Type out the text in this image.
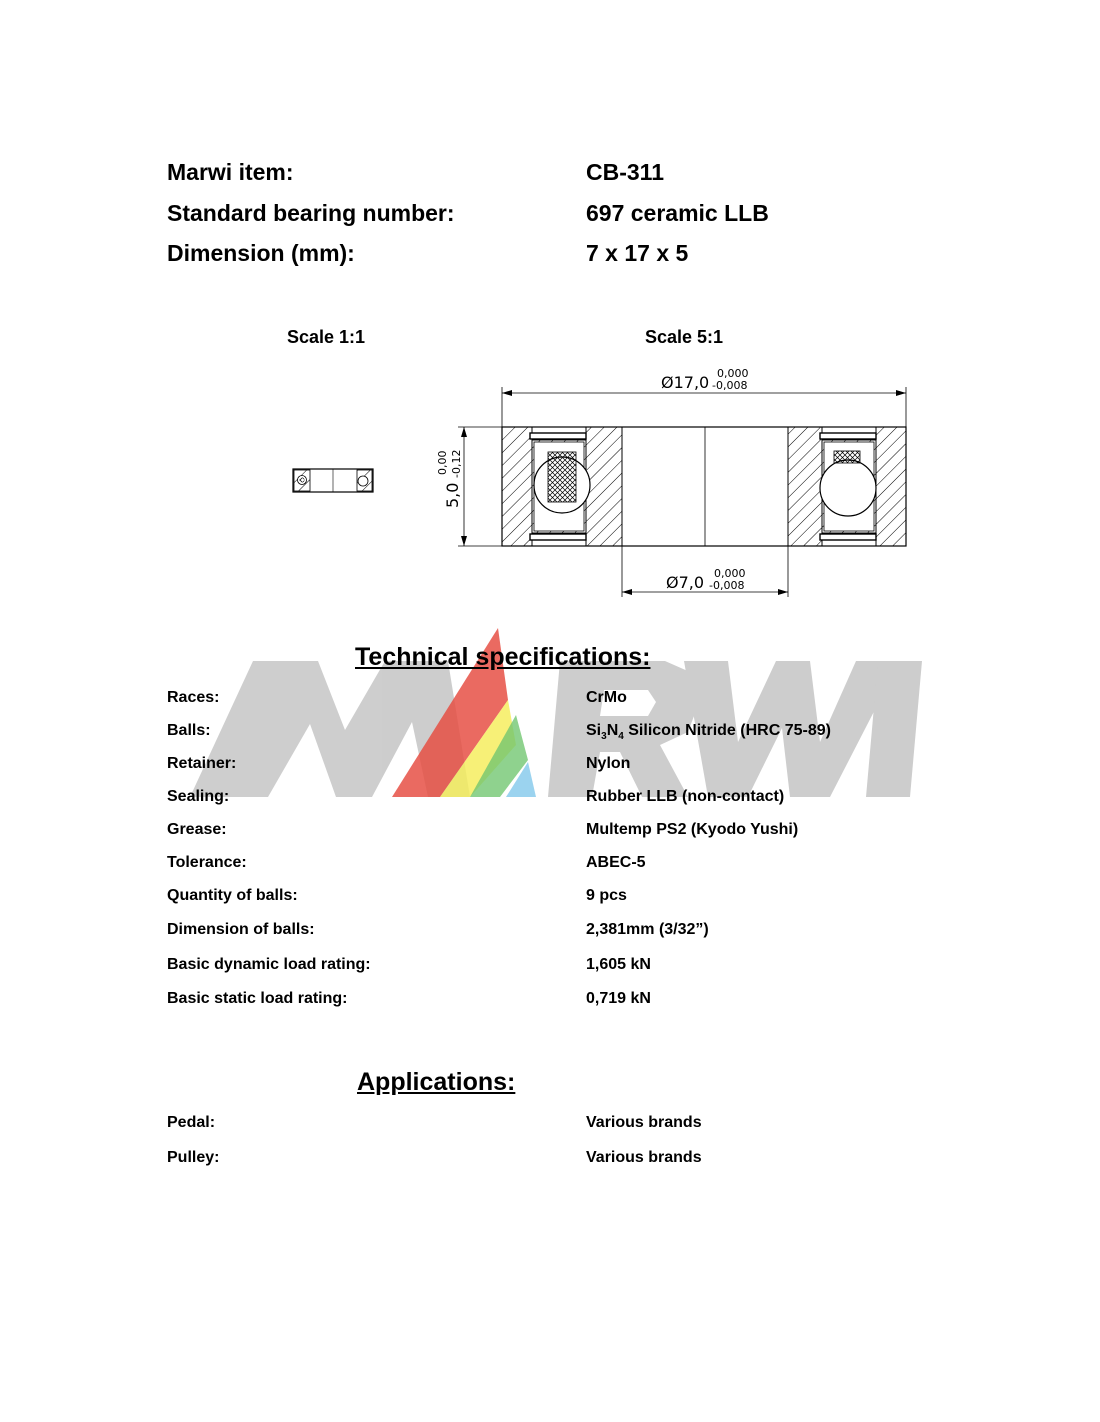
Marwi item:	CB-311
Standard bearing number:	697 ceramic LLB
Dimension (mm):	7 x 17 x 5
Scale 1:1	Scale 5:1
Ø17,0 0,000
-0,008
Ø7,0 0,000
-0,008
5,0
0,00 -0,12
Technical specifications:
Races:	CrMo
Balls:	$Si_3N_4$ Silicon Nitride (HRC 75-89)
Retainer:	Nylon
Sealing:	Rubber LLB (non-contact)
Grease:	Multemp PS2 (Kyodo Yushi)
Tolerance:	ABEC-5
Quantity of balls:	9 pcs
Dimension of balls:	2,381mm (3/32”)
Basic dynamic load rating:	1,605 kN
Basic static load rating:	0,719 kN
Applications:
Pedal:	Various brands
Pulley:	Various brands
